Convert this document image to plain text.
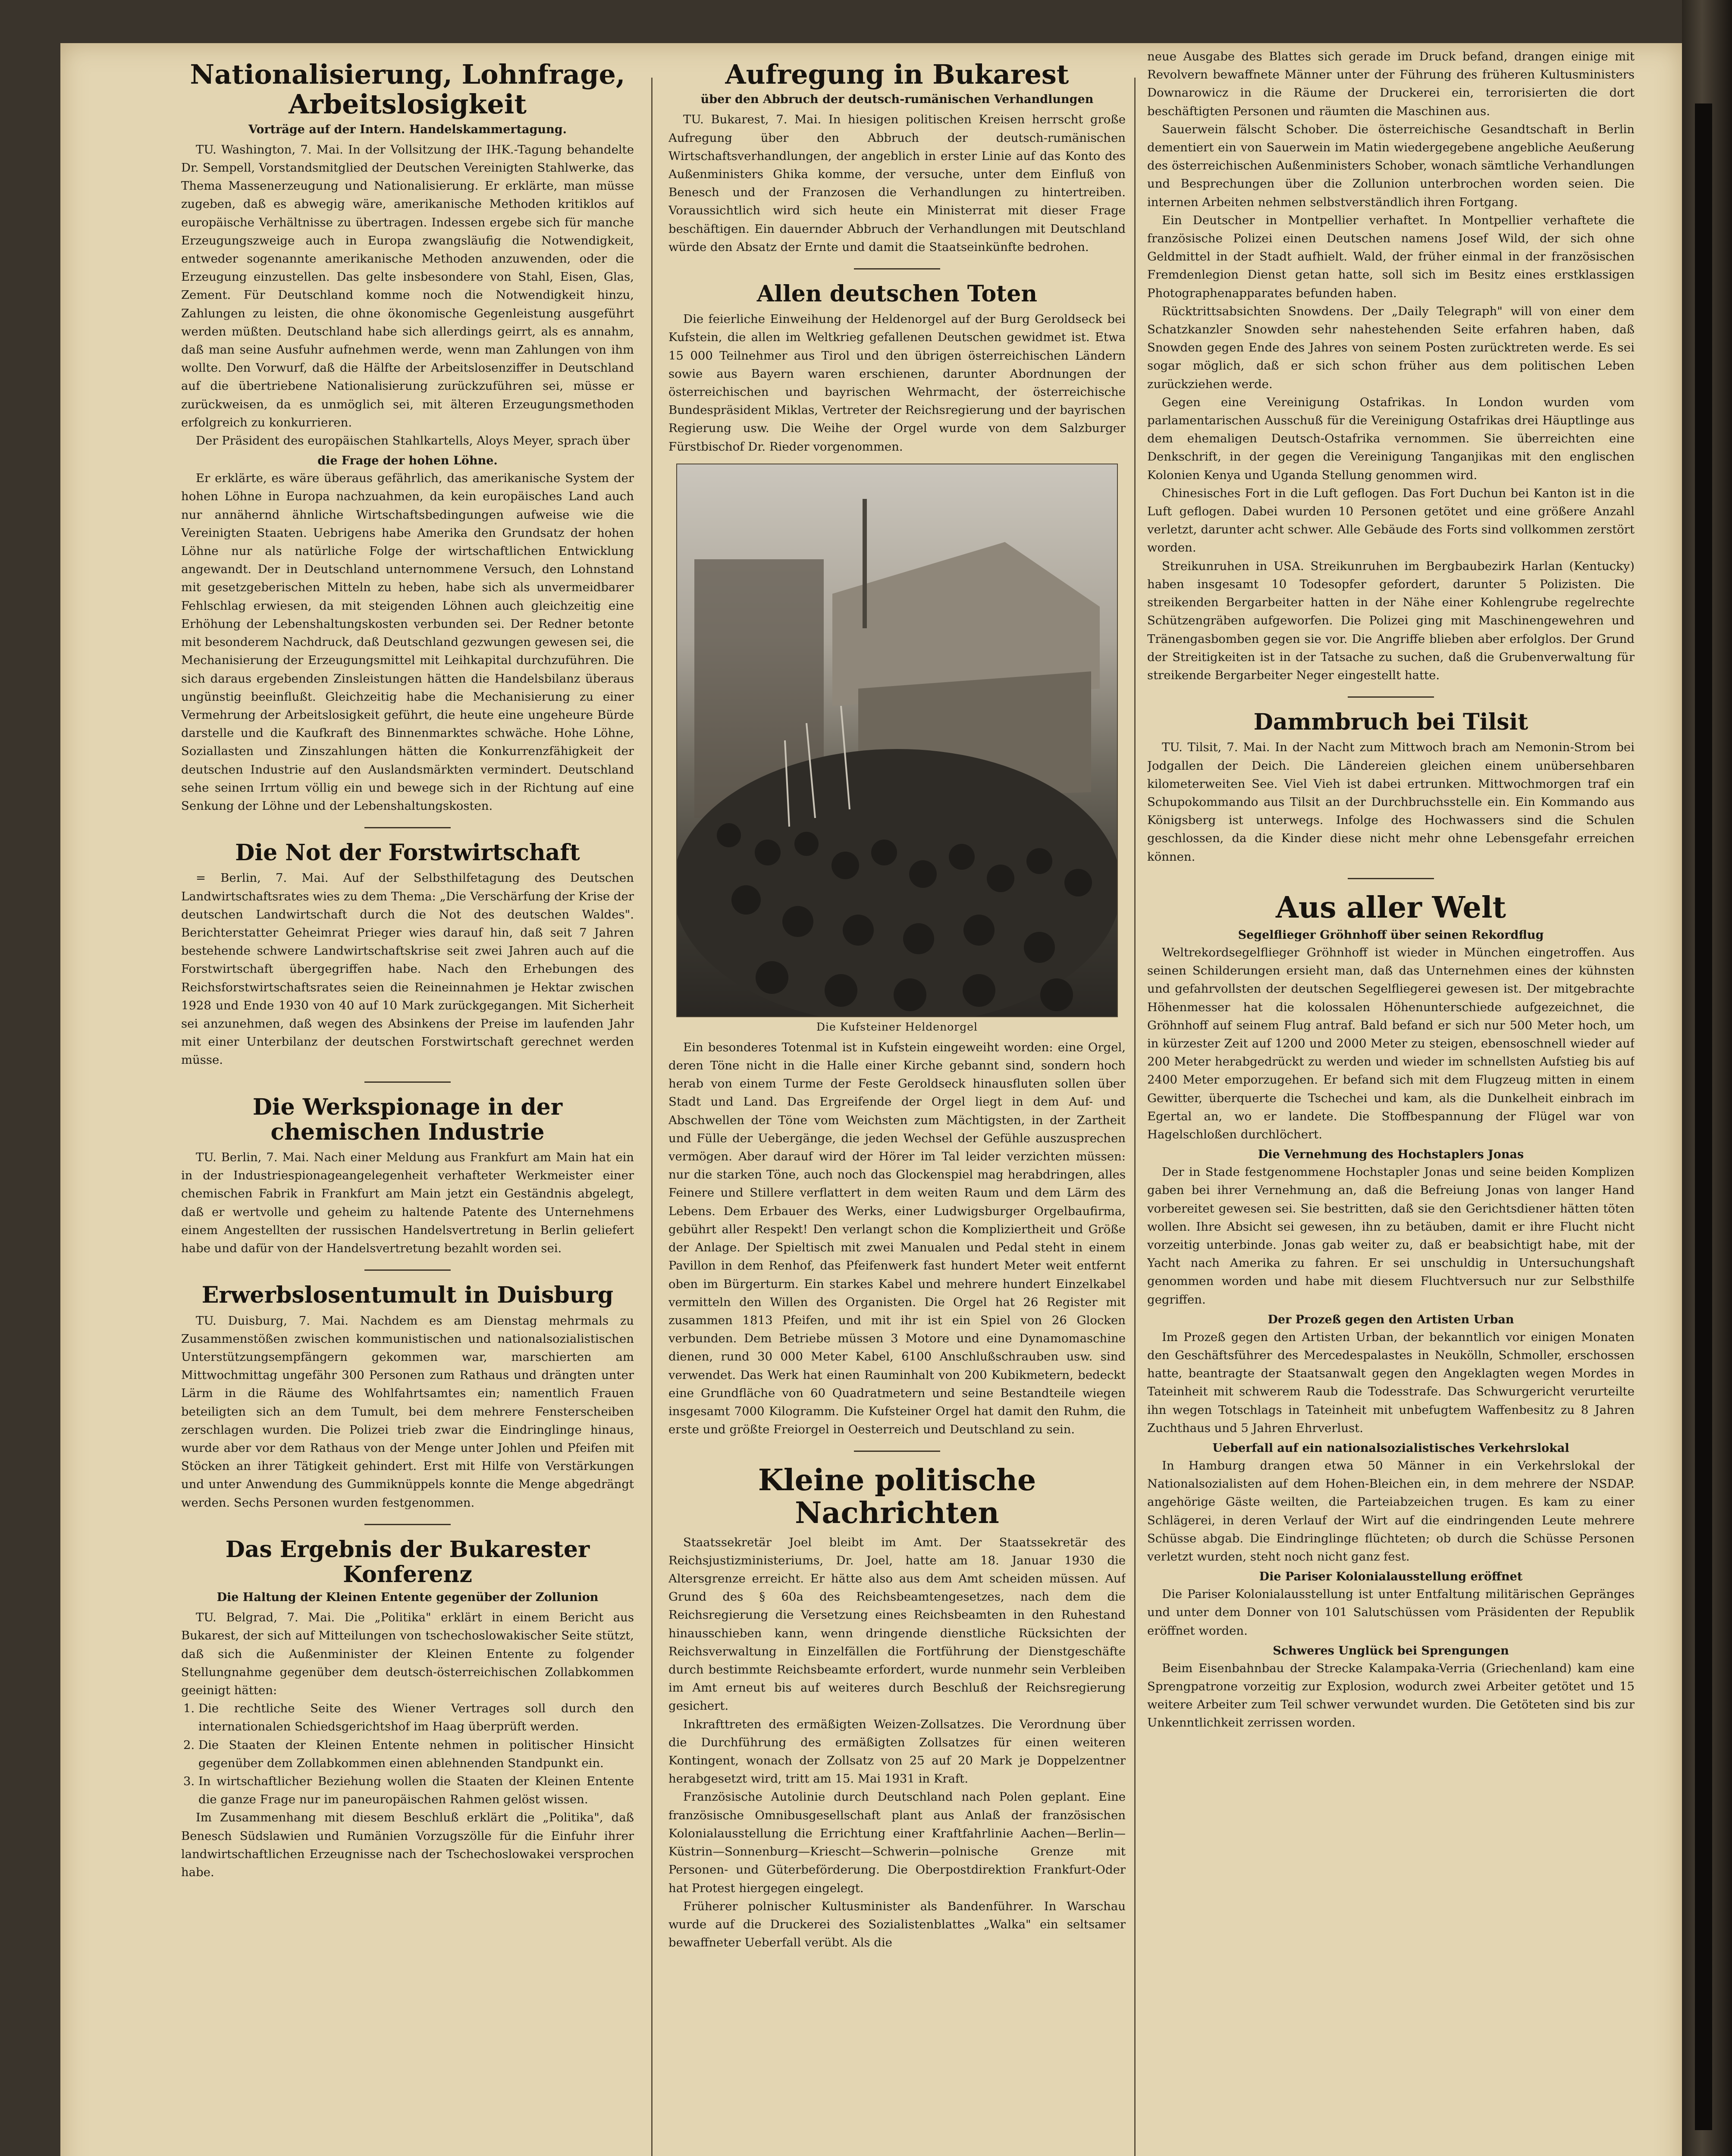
Nationalisierung, Lohnfrage, Arbeitslosigkeit
Vorträge auf der Intern. Handelskammertagung.

TU. Washington, 7. Mai. In der Vollsitzung der IHK.-Tagung behandelte Dr. Sempell, Vorstandsmitglied der Deutschen Vereinigten Stahlwerke, das Thema Massenerzeugung und Nationalisierung. Er erklärte, man müsse zugeben, daß es abwegig wäre, amerikanische Methoden kritiklos auf europäische Verhältnisse zu übertragen. Indessen ergebe sich für manche Erzeugungszweige auch in Europa zwangsläufig die Notwendigkeit, entweder sogenannte amerikanische Methoden anzuwenden, oder die Erzeugung einzustellen. Das gelte insbesondere von Stahl, Eisen, Glas, Zement. Für Deutschland komme noch die Notwendigkeit hinzu, Zahlungen zu leisten, die ohne ökonomische Gegenleistung ausgeführt werden müßten. Deutschland habe sich allerdings geirrt, als es annahm, daß man seine Ausfuhr aufnehmen werde, wenn man Zahlungen von ihm wollte. Den Vorwurf, daß die Hälfte der Arbeitslosenziffer in Deutschland auf die übertriebene Nationalisierung zurückzuführen sei, müsse er zurückweisen, da es unmöglich sei, mit älteren Erzeugungsmethoden erfolgreich zu konkurrieren.

Der Präsident des europäischen Stahlkartells, Aloys Meyer, sprach über

die Frage der hohen Löhne.

Er erklärte, es wäre überaus gefährlich, das amerikanische System der hohen Löhne in Europa nachzuahmen, da kein europäisches Land auch nur annähernd ähnliche Wirtschaftsbedingungen aufweise wie die Vereinigten Staaten. Uebrigens habe Amerika den Grundsatz der hohen Löhne nur als natürliche Folge der wirtschaftlichen Entwicklung angewandt. Der in Deutschland unternommene Versuch, den Lohnstand mit gesetzgeberischen Mitteln zu heben, habe sich als unvermeidbarer Fehlschlag erwiesen, da mit steigenden Löhnen auch gleichzeitig eine Erhöhung der Lebenshaltungskosten verbunden sei. Der Redner betonte mit besonderem Nachdruck, daß Deutschland gezwungen gewesen sei, die Mechanisierung der Erzeugungsmittel mit Leihkapital durchzuführen. Die sich daraus ergebenden Zinsleistungen hätten die Handelsbilanz überaus ungünstig beeinflußt. Gleichzeitig habe die Mechanisierung zu einer Vermehrung der Arbeitslosigkeit geführt, die heute eine ungeheure Bürde darstelle und die Kaufkraft des Binnenmarktes schwäche. Hohe Löhne, Soziallasten und Zinszahlungen hätten die Konkurrenzfähigkeit der deutschen Industrie auf den Auslandsmärkten vermindert. Deutschland sehe seinen Irrtum völlig ein und bewege sich in der Richtung auf eine Senkung der Löhne und der Lebenshaltungskosten.

Die Not der Forstwirtschaft

= Berlin, 7. Mai. Auf der Selbsthilfetagung des Deutschen Landwirtschaftsrates wies zu dem Thema: „Die Verschärfung der Krise der deutschen Landwirtschaft durch die Not des deutschen Waldes". Berichterstatter Geheimrat Prieger wies darauf hin, daß seit 7 Jahren bestehende schwere Landwirtschaftskrise seit zwei Jahren auch auf die Forstwirtschaft übergegriffen habe. Nach den Erhebungen des Reichsforstwirtschaftsrates seien die Reineinnahmen je Hektar zwischen 1928 und Ende 1930 von 40 auf 10 Mark zurückgegangen. Mit Sicherheit sei anzunehmen, daß wegen des Absinkens der Preise im laufenden Jahr mit einer Unterbilanz der deutschen Forstwirtschaft gerechnet werden müsse.

Die Werkspionage in der chemischen Industrie

TU. Berlin, 7. Mai. Nach einer Meldung aus Frankfurt am Main hat ein in der Industriespionageangelegenheit verhafteter Werkmeister einer chemischen Fabrik in Frankfurt am Main jetzt ein Geständnis abgelegt, daß er wertvolle und geheim zu haltende Patente des Unternehmens einem Angestellten der russischen Handelsvertretung in Berlin geliefert habe und dafür von der Handelsvertretung bezahlt worden sei.

Erwerbslosentumult in Duisburg

TU. Duisburg, 7. Mai. Nachdem es am Dienstag mehrmals zu Zusammenstößen zwischen kommunistischen und nationalsozialistischen Unterstützungsempfängern gekommen war, marschierten am Mittwochmittag ungefähr 300 Personen zum Rathaus und drängten unter Lärm in die Räume des Wohlfahrtsamtes ein; namentlich Frauen beteiligten sich an dem Tumult, bei dem mehrere Fensterscheiben zerschlagen wurden. Die Polizei trieb zwar die Eindringlinge hinaus, wurde aber vor dem Rathaus von der Menge unter Johlen und Pfeifen mit Stöcken an ihrer Tätigkeit gehindert. Erst mit Hilfe von Verstärkungen und unter Anwendung des Gummiknüppels konnte die Menge abgedrängt werden. Sechs Personen wurden festgenommen.

Das Ergebnis der Bukarester Konferenz
Die Haltung der Kleinen Entente gegenüber der Zollunion

TU. Belgrad, 7. Mai. Die „Politika" erklärt in einem Bericht aus Bukarest, der sich auf Mitteilungen von tschechoslowakischer Seite stützt, daß sich die Außenminister der Kleinen Entente zu folgender Stellungnahme gegenüber dem deutsch-österreichischen Zollabkommen geeinigt hätten:

1. Die rechtliche Seite des Wiener Vertrages soll durch den internationalen Schiedsgerichtshof im Haag überprüft werden.
2. Die Staaten der Kleinen Entente nehmen in politischer Hinsicht gegenüber dem Zollabkommen einen ablehnenden Standpunkt ein.
3. In wirtschaftlicher Beziehung wollen die Staaten der Kleinen Entente die ganze Frage nur im paneuropäischen Rahmen gelöst wissen.

Im Zusammenhang mit diesem Beschluß erklärt die „Politika", daß Benesch Südslawien und Rumänien Vorzugszölle für die Einfuhr ihrer landwirtschaftlichen Erzeugnisse nach der Tschechoslowakei versprochen habe.

Aufregung in Bukarest
über den Abbruch der deutsch-rumänischen Verhandlungen

TU. Bukarest, 7. Mai. In hiesigen politischen Kreisen herrscht große Aufregung über den Abbruch der deutsch-rumänischen Wirtschaftsverhandlungen, der angeblich in erster Linie auf das Konto des Außenministers Ghika komme, der versuche, unter dem Einfluß von Benesch und der Franzosen die Verhandlungen zu hintertreiben. Voraussichtlich wird sich heute ein Ministerrat mit dieser Frage beschäftigen. Ein dauernder Abbruch der Verhandlungen mit Deutschland würde den Absatz der Ernte und damit die Staatseinkünfte bedrohen.

Allen deutschen Toten

Die feierliche Einweihung der Heldenorgel auf der Burg Geroldseck bei Kufstein, die allen im Weltkrieg gefallenen Deutschen gewidmet ist. Etwa 15 000 Teilnehmer aus Tirol und den übrigen österreichischen Ländern sowie aus Bayern waren erschienen, darunter Abordnungen der österreichischen und bayrischen Wehrmacht, der österreichische Bundespräsident Miklas, Vertreter der Reichsregierung und der bayrischen Regierung usw. Die Weihe der Orgel wurde von dem Salzburger Fürstbischof Dr. Rieder vorgenommen.

Die Kufsteiner Heldenorgel

Ein besonderes Totenmal ist in Kufstein eingeweiht worden: eine Orgel, deren Töne nicht in die Halle einer Kirche gebannt sind, sondern hoch herab von einem Turme der Feste Geroldseck hinausfluten sollen über Stadt und Land. Das Ergreifende der Orgel liegt in dem Auf- und Abschwellen der Töne vom Weichsten zum Mächtigsten, in der Zartheit und Fülle der Uebergänge, die jeden Wechsel der Gefühle auszusprechen vermögen. Aber darauf wird der Hörer im Tal leider verzichten müssen: nur die starken Töne, auch noch das Glockenspiel mag herabdringen, alles Feinere und Stillere verflattert in dem weiten Raum und dem Lärm des Lebens. Dem Erbauer des Werks, einer Ludwigsburger Orgelbaufirma, gebührt aller Respekt! Den verlangt schon die Kompliziertheit und Größe der Anlage. Der Spieltisch mit zwei Manualen und Pedal steht in einem Pavillon in dem Renhof, das Pfeifenwerk fast hundert Meter weit entfernt oben im Bürgerturm. Ein starkes Kabel und mehrere hundert Einzelkabel vermitteln den Willen des Organisten. Die Orgel hat 26 Register mit zusammen 1813 Pfeifen, und mit ihr ist ein Spiel von 26 Glocken verbunden. Dem Betriebe müssen 3 Motore und eine Dynamomaschine dienen, rund 30 000 Meter Kabel, 6100 Anschlußschrauben usw. sind verwendet. Das Werk hat einen Rauminhalt von 200 Kubikmetern, bedeckt eine Grundfläche von 60 Quadratmetern und seine Bestandteile wiegen insgesamt 7000 Kilogramm. Die Kufsteiner Orgel hat damit den Ruhm, die erste und größte Freiorgel in Oesterreich und Deutschland zu sein.

Kleine politische Nachrichten

Staatssekretär Joel bleibt im Amt. Der Staatssekretär des Reichsjustizministeriums, Dr. Joel, hatte am 18. Januar 1930 die Altersgrenze erreicht. Er hätte also aus dem Amt scheiden müssen. Auf Grund des § 60a des Reichsbeamtengesetzes, nach dem die Reichsregierung die Versetzung eines Reichsbeamten in den Ruhestand hinausschieben kann, wenn dringende dienstliche Rücksichten der Reichsverwaltung in Einzelfällen die Fortführung der Dienstgeschäfte durch bestimmte Reichsbeamte erfordert, wurde nunmehr sein Verbleiben im Amt erneut bis auf weiteres durch Beschluß der Reichsregierung gesichert.

Inkrafttreten des ermäßigten Weizen-Zollsatzes. Die Verordnung über die Durchführung des ermäßigten Zollsatzes für einen weiteren Kontingent, wonach der Zollsatz von 25 auf 20 Mark je Doppelzentner herabgesetzt wird, tritt am 15. Mai 1931 in Kraft.

Französische Autolinie durch Deutschland nach Polen geplant. Eine französische Omnibusgesellschaft plant aus Anlaß der französischen Kolonialausstellung die Errichtung einer Kraftfahrlinie Aachen—Berlin—Küstrin—Sonnenburg—Kriescht—Schwerin—polnische Grenze mit Personen- und Güterbeförderung. Die Oberpostdirektion Frankfurt-Oder hat Protest hiergegen eingelegt.

Früherer polnischer Kultusminister als Bandenführer. In Warschau wurde auf die Druckerei des Sozialistenblattes „Walka" ein seltsamer bewaffneter Ueberfall verübt. Als die

neue Ausgabe des Blattes sich gerade im Druck befand, drangen einige mit Revolvern bewaffnete Männer unter der Führung des früheren Kultusministers Downarowicz in die Räume der Druckerei ein, terrorisierten die dort beschäftigten Personen und räumten die Maschinen aus.

Sauerwein fälscht Schober. Die österreichische Gesandtschaft in Berlin dementiert ein von Sauerwein im Matin wiedergegebene angebliche Aeußerung des österreichischen Außenministers Schober, wonach sämtliche Verhandlungen und Besprechungen über die Zollunion unterbrochen worden seien. Die internen Arbeiten nehmen selbstverständlich ihren Fortgang.

Ein Deutscher in Montpellier verhaftet. In Montpellier verhaftete die französische Polizei einen Deutschen namens Josef Wild, der sich ohne Geldmittel in der Stadt aufhielt. Wald, der früher einmal in der französischen Fremdenlegion Dienst getan hatte, soll sich im Besitz eines erstklassigen Photographenapparates befunden haben.

Rücktrittsabsichten Snowdens. Der „Daily Telegraph" will von einer dem Schatzkanzler Snowden sehr nahestehenden Seite erfahren haben, daß Snowden gegen Ende des Jahres von seinem Posten zurücktreten werde. Es sei sogar möglich, daß er sich schon früher aus dem politischen Leben zurückziehen werde.

Gegen eine Vereinigung Ostafrikas. In London wurden vom parlamentarischen Ausschuß für die Vereinigung Ostafrikas drei Häuptlinge aus dem ehemaligen Deutsch-Ostafrika vernommen. Sie überreichten eine Denkschrift, in der gegen die Vereinigung Tanganjikas mit den englischen Kolonien Kenya und Uganda Stellung genommen wird.

Chinesisches Fort in die Luft geflogen. Das Fort Duchun bei Kanton ist in die Luft geflogen. Dabei wurden 10 Personen getötet und eine größere Anzahl verletzt, darunter acht schwer. Alle Gebäude des Forts sind vollkommen zerstört worden.

Streikunruhen in USA. Streikunruhen im Bergbaubezirk Harlan (Kentucky) haben insgesamt 10 Todesopfer gefordert, darunter 5 Polizisten. Die streikenden Bergarbeiter hatten in der Nähe einer Kohlengrube regelrechte Schützengräben aufgeworfen. Die Polizei ging mit Maschinengewehren und Tränengasbomben gegen sie vor. Die Angriffe blieben aber erfolglos. Der Grund der Streitigkeiten ist in der Tatsache zu suchen, daß die Grubenverwaltung für streikende Bergarbeiter Neger eingestellt hatte.

Dammbruch bei Tilsit

TU. Tilsit, 7. Mai. In der Nacht zum Mittwoch brach am Nemonin-Strom bei Jodgallen der Deich. Die Ländereien gleichen einem unübersehbaren kilometerweiten See. Viel Vieh ist dabei ertrunken. Mittwochmorgen traf ein Schupokommando aus Tilsit an der Durchbruchsstelle ein. Ein Kommando aus Königsberg ist unterwegs. Infolge des Hochwassers sind die Schulen geschlossen, da die Kinder diese nicht mehr ohne Lebensgefahr erreichen können.

Aus aller Welt
Segelflieger Gröhnhoff über seinen Rekordflug

Weltrekordsegelflieger Gröhnhoff ist wieder in München eingetroffen. Aus seinen Schilderungen ersieht man, daß das Unternehmen eines der kühnsten und gefahrvollsten der deutschen Segelfliegerei gewesen ist. Der mitgebrachte Höhenmesser hat die kolossalen Höhenunterschiede aufgezeichnet, die Gröhnhoff auf seinem Flug antraf. Bald befand er sich nur 500 Meter hoch, um in kürzester Zeit auf 1200 und 2000 Meter zu steigen, ebensoschnell wieder auf 200 Meter herabgedrückt zu werden und wieder im schnellsten Aufstieg bis auf 2400 Meter emporzugehen. Er befand sich mit dem Flugzeug mitten in einem Gewitter, überquerte die Tschechei und kam, als die Dunkelheit einbrach im Egertal an, wo er landete. Die Stoffbespannung der Flügel war von Hagelschloßen durchlöchert.

Die Vernehmung des Hochstaplers Jonas

Der in Stade festgenommene Hochstapler Jonas und seine beiden Komplizen gaben bei ihrer Vernehmung an, daß die Befreiung Jonas von langer Hand vorbereitet gewesen sei. Sie bestritten, daß sie den Gerichtsdiener hätten töten wollen. Ihre Absicht sei gewesen, ihn zu betäuben, damit er ihre Flucht nicht vorzeitig unterbinde. Jonas gab weiter zu, daß er beabsichtigt habe, mit der Yacht nach Amerika zu fahren. Er sei unschuldig in Untersuchungshaft genommen worden und habe mit diesem Fluchtversuch nur zur Selbsthilfe gegriffen.

Der Prozeß gegen den Artisten Urban

Im Prozeß gegen den Artisten Urban, der bekanntlich vor einigen Monaten den Geschäftsführer des Mercedespalastes in Neukölln, Schmoller, erschossen hatte, beantragte der Staatsanwalt gegen den Angeklagten wegen Mordes in Tateinheit mit schwerem Raub die Todesstrafe. Das Schwurgericht verurteilte ihn wegen Totschlags in Tateinheit mit unbefugtem Waffenbesitz zu 8 Jahren Zuchthaus und 5 Jahren Ehrverlust.

Ueberfall auf ein nationalsozialistisches Verkehrslokal

In Hamburg drangen etwa 50 Männer in ein Verkehrslokal der Nationalsozialisten auf dem Hohen-Bleichen ein, in dem mehrere der NSDAP. angehörige Gäste weilten, die Parteiabzeichen trugen. Es kam zu einer Schlägerei, in deren Verlauf der Wirt auf die eindringenden Leute mehrere Schüsse abgab. Die Eindringlinge flüchteten; ob durch die Schüsse Personen verletzt wurden, steht noch nicht ganz fest.

Die Pariser Kolonialausstellung eröffnet

Die Pariser Kolonialausstellung ist unter Entfaltung militärischen Gepränges und unter dem Donner von 101 Salutschüssen vom Präsidenten der Republik eröffnet worden.

Schweres Unglück bei Sprengungen

Beim Eisenbahnbau der Strecke Kalampaka-Verria (Griechenland) kam eine Sprengpatrone vorzeitig zur Explosion, wodurch zwei Arbeiter getötet und 15 weitere Arbeiter zum Teil schwer verwundet wurden. Die Getöteten sind bis zur Unkenntlichkeit zerrissen worden.
